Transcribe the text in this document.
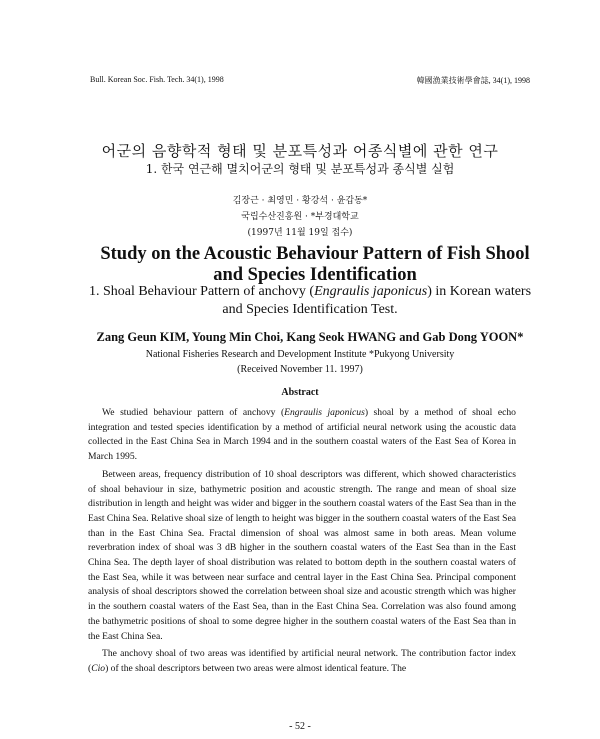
Bull. Korean Soc. Fish. Tech. 34(1), 1998	韓國漁業技術學會誌, 34(1), 1998
어군의 음향학적 형태 및 분포특성과 어종식별에 관한 연구
1. 한국 연근해 멸치어군의 형태 및 분포특성과 종식별 실험
김장근 · 최영민 · 황강석 · 윤갑동*
국립수산진흥원 · *부경대학교
(1997년 11월 19일 접수)
Study on the Acoustic Behaviour Pattern of Fish Shool
and Species Identification
1. Shoal Behaviour Pattern of anchovy (Engraulis japonicus) in Korean waters and Species Identification Test.
Zang Geun KIM, Young Min Choi, Kang Seok HWANG and Gab Dong YOON*
National Fisheries Research and Development Institute *Pukyong University
(Received November 11. 1997)
Abstract

We studied behaviour pattern of anchovy (Engraulis japonicus) shoal by a method of shoal echo integration and tested species identification by a method of artificial neural network using the acoustic data collected in the East China Sea in March 1994 and in the southern coastal waters of the East Sea of Korea in March 1995.

Between areas, frequency distribution of 10 shoal descriptors was different, which showed characteristics of shoal behaviour in size, bathymetric position and acoustic strength. The range and mean of shoal size distribution in length and height was wider and bigger in the southern coastal waters of the East Sea than in the East China Sea. Relative shoal size of length to height was bigger in the southern coastal waters of the East Sea than in the East China Sea. Fractal dimension of shoal was almost same in both areas. Mean volume reverbration index of shoal was 3 dB higher in the southern coastal waters of the East Sea than in the East China Sea. The depth layer of shoal distribution was related to bottom depth in the southern coastal waters of the East Sea, while it was between near surface and central layer in the East China Sea. Principal component analysis of shoal descriptors showed the correlation between shoal size and acoustic strength which was higher in the southern coastal waters of the East Sea, than in the East China Sea. Correlation was also found among the bathymetric positions of shoal to some degree higher in the southern coastal waters of the East Sea than in the East China Sea.

The anchovy shoal of two areas was identified by artificial neural network. The contribution factor index (Cio) of the shoal descriptors between two areas were almost identical feature. The

- 52 -
